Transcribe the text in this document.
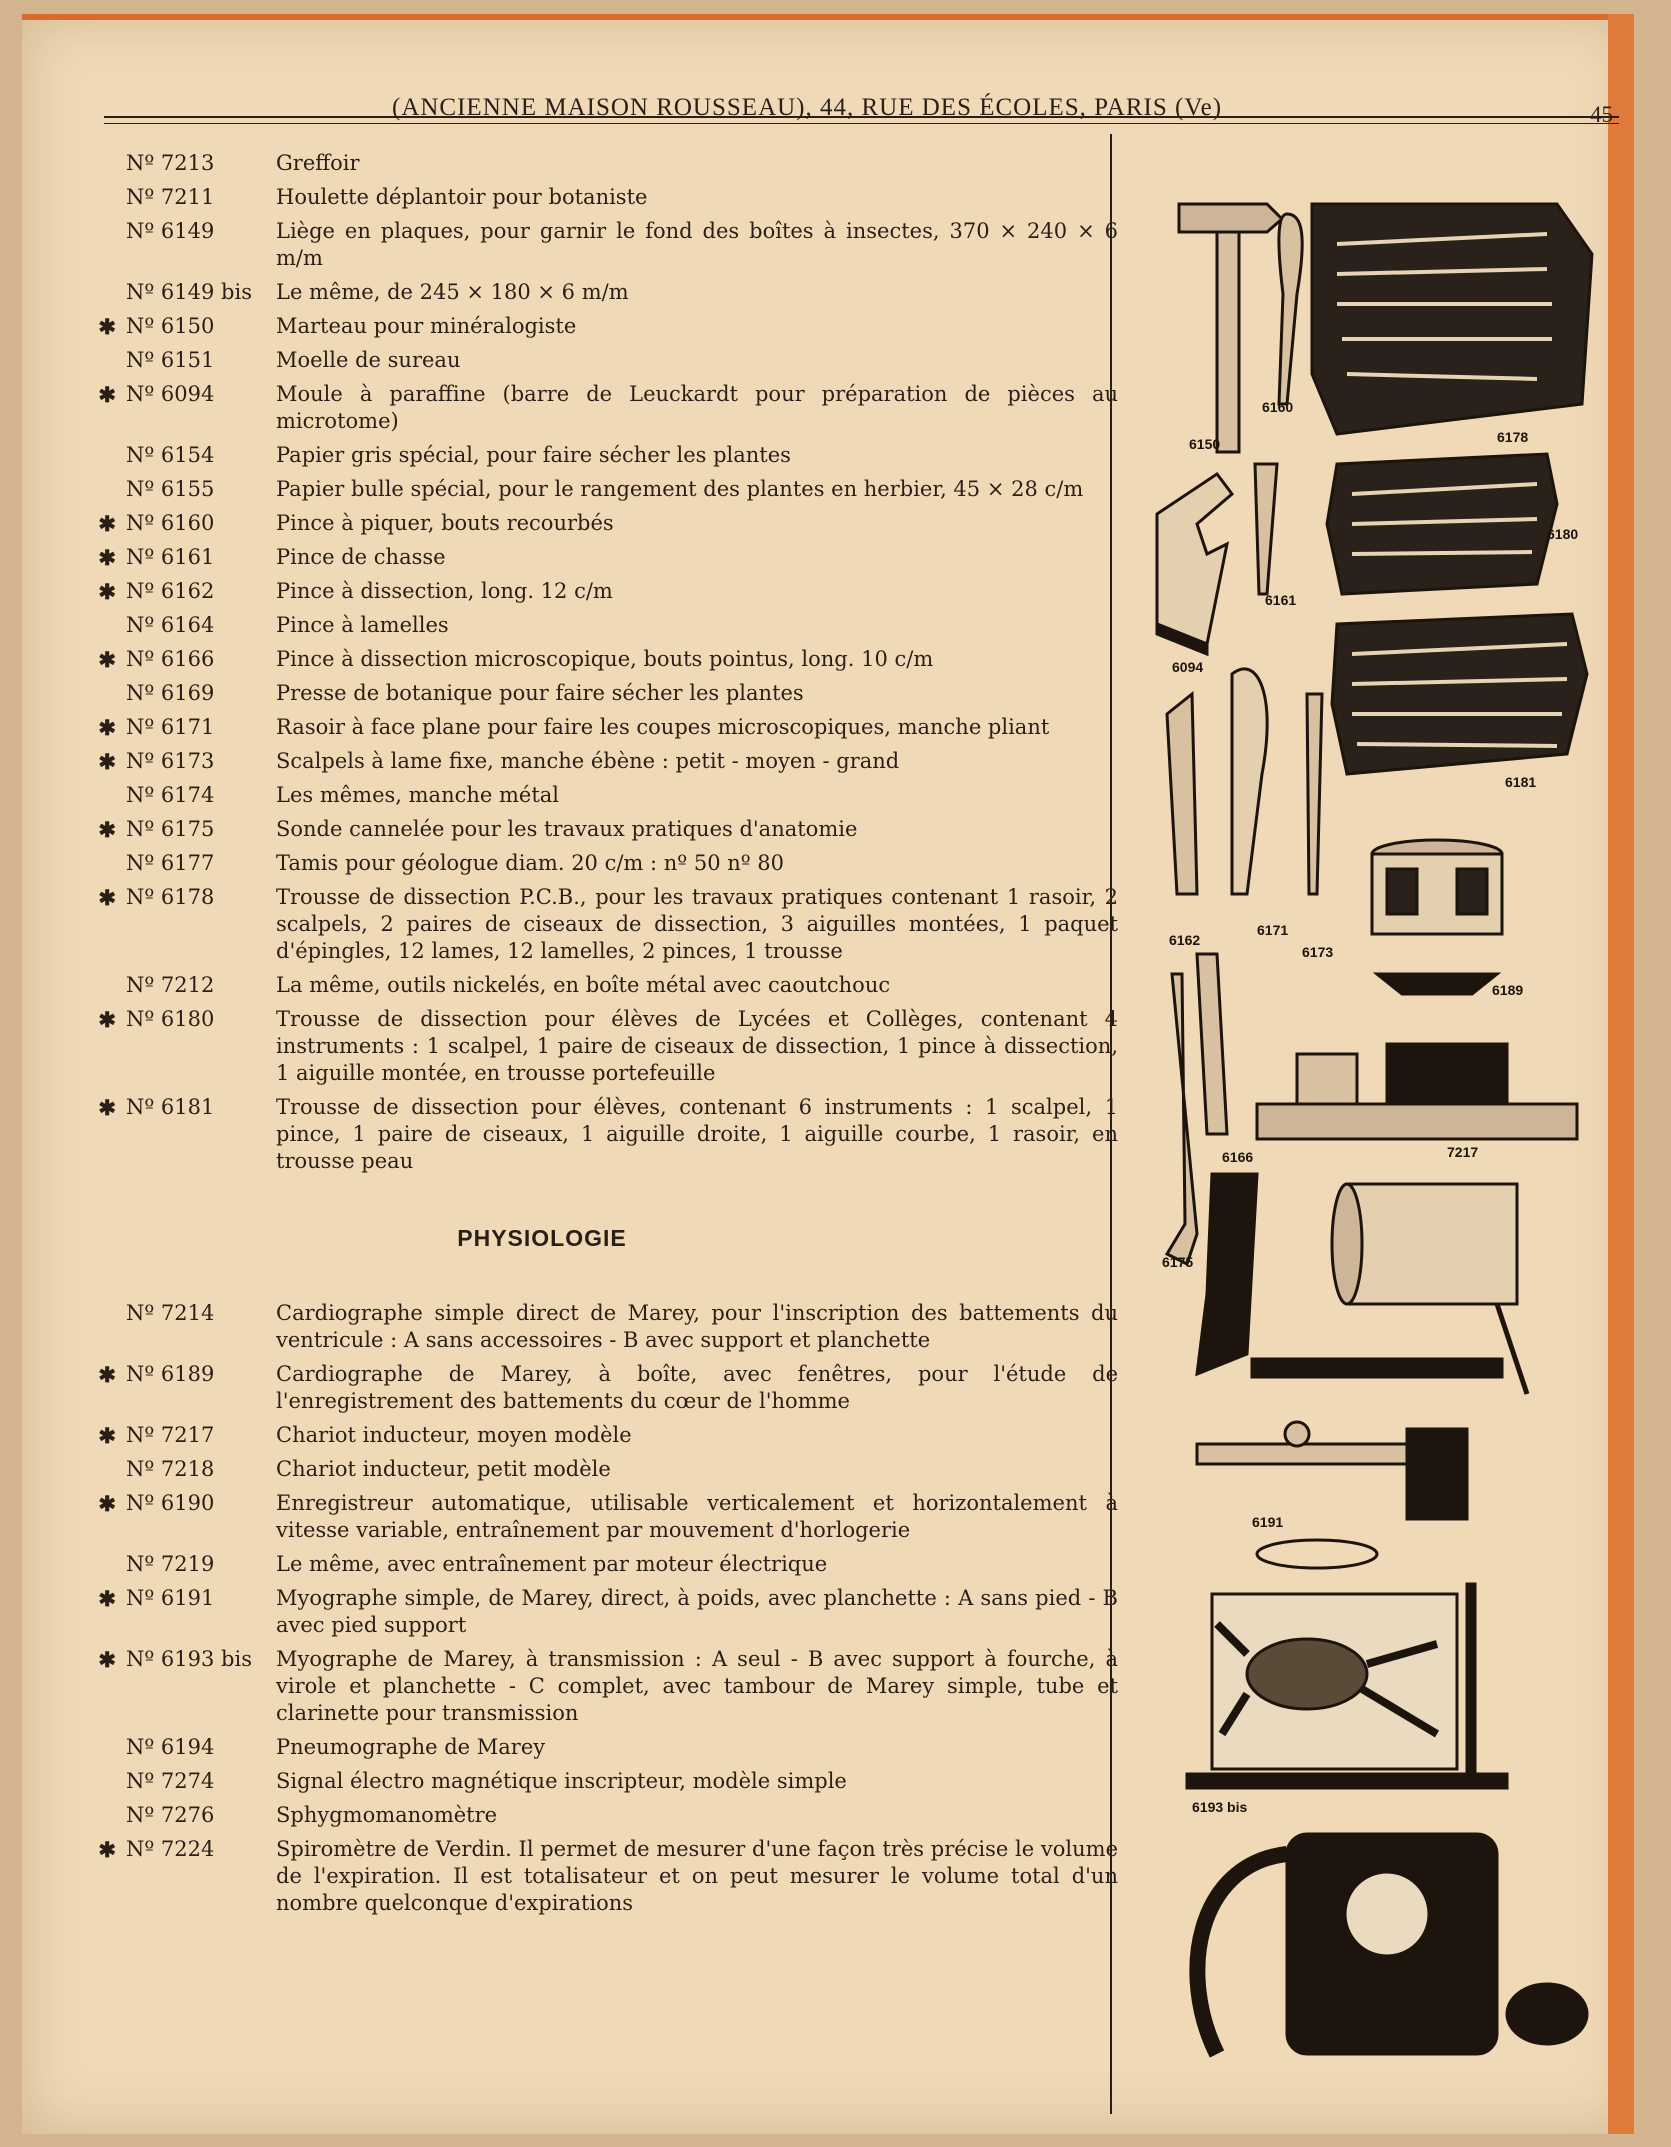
(ANCIENNE MAISON ROUSSEAU), 44, RUE DES ÉCOLES, PARIS (Ve)	45
Nº 7213	Greffoir
Nº 7211	Houlette déplantoir pour botaniste
Nº 6149	Liège en plaques, pour garnir le fond des boîtes à insectes, 370 × 240 × 6 m/m
Nº 6149 bis	Le même, de 245 × 180 × 6 m/m
✱ Nº 6150	Marteau pour minéralogiste
Nº 6151	Moelle de sureau
✱ Nº 6094	Moule à paraffine (barre de Leuckardt pour préparation de pièces au microtome)
Nº 6154	Papier gris spécial, pour faire sécher les plantes
Nº 6155	Papier bulle spécial, pour le rangement des plantes en herbier, 45 × 28 c/m
✱ Nº 6160	Pince à piquer, bouts recourbés
✱ Nº 6161	Pince de chasse
✱ Nº 6162	Pince à dissection, long. 12 c/m
Nº 6164	Pince à lamelles
✱ Nº 6166	Pince à dissection microscopique, bouts pointus, long. 10 c/m
Nº 6169	Presse de botanique pour faire sécher les plantes
✱ Nº 6171	Rasoir à face plane pour faire les coupes microscopiques, manche pliant
✱ Nº 6173	Scalpels à lame fixe, manche ébène : petit - moyen - grand
Nº 6174	Les mêmes, manche métal
✱ Nº 6175	Sonde cannelée pour les travaux pratiques d'anatomie
Nº 6177	Tamis pour géologue diam. 20 c/m : nº 50 nº 80
✱ Nº 6178	Trousse de dissection P.C.B., pour les travaux pratiques contenant 1 rasoir, 2 scalpels, 2 paires de ciseaux de dissection, 3 aiguilles montées, 1 paquet d'épingles, 12 lames, 12 lamelles, 2 pinces, 1 trousse
Nº 7212	La même, outils nickelés, en boîte métal avec caoutchouc
✱ Nº 6180	Trousse de dissection pour élèves de Lycées et Collèges, contenant 4 instruments : 1 scalpel, 1 paire de ciseaux de dissection, 1 pince à dissection, 1 aiguille montée, en trousse portefeuille
✱ Nº 6181	Trousse de dissection pour élèves, contenant 6 instruments : 1 scalpel, 1 pince, 1 paire de ciseaux, 1 aiguille droite, 1 aiguille courbe, 1 rasoir, en trousse peau
PHYSIOLOGIE
Nº 7214	Cardiographe simple direct de Marey, pour l'inscription des battements du ventricule : A sans accessoires - B avec support et planchette
✱ Nº 6189	Cardiographe de Marey, à boîte, avec fenêtres, pour l'étude de l'enregistrement des battements du cœur de l'homme
✱ Nº 7217	Chariot inducteur, moyen modèle
Nº 7218	Chariot inducteur, petit modèle
✱ Nº 6190	Enregistreur automatique, utilisable verticalement et horizontalement à vitesse variable, entraînement par mouvement d'horlogerie
Nº 7219	Le même, avec entraînement par moteur électrique
✱ Nº 6191	Myographe simple, de Marey, direct, à poids, avec planchette : A sans pied - B avec pied support
✱ Nº 6193 bis	Myographe de Marey, à transmission : A seul - B avec support à fourche, à virole et planchette - C complet, avec tambour de Marey simple, tube et clarinette pour transmission
Nº 6194	Pneumographe de Marey
Nº 7274	Signal électro magnétique inscripteur, modèle simple
Nº 7276	Sphygmomanomètre
✱ Nº 7224	Spiromètre de Verdin. Il permet de mesurer d'une façon très précise le volume de l'expiration. Il est totalisateur et on peut mesurer le volume total d'un nombre quelconque d'expirations
6150
6160
6178
6180
6161
6094
6181
6162
6171
6173
6189
6166	7217
6175
6190
6191
6193 bis
7224
